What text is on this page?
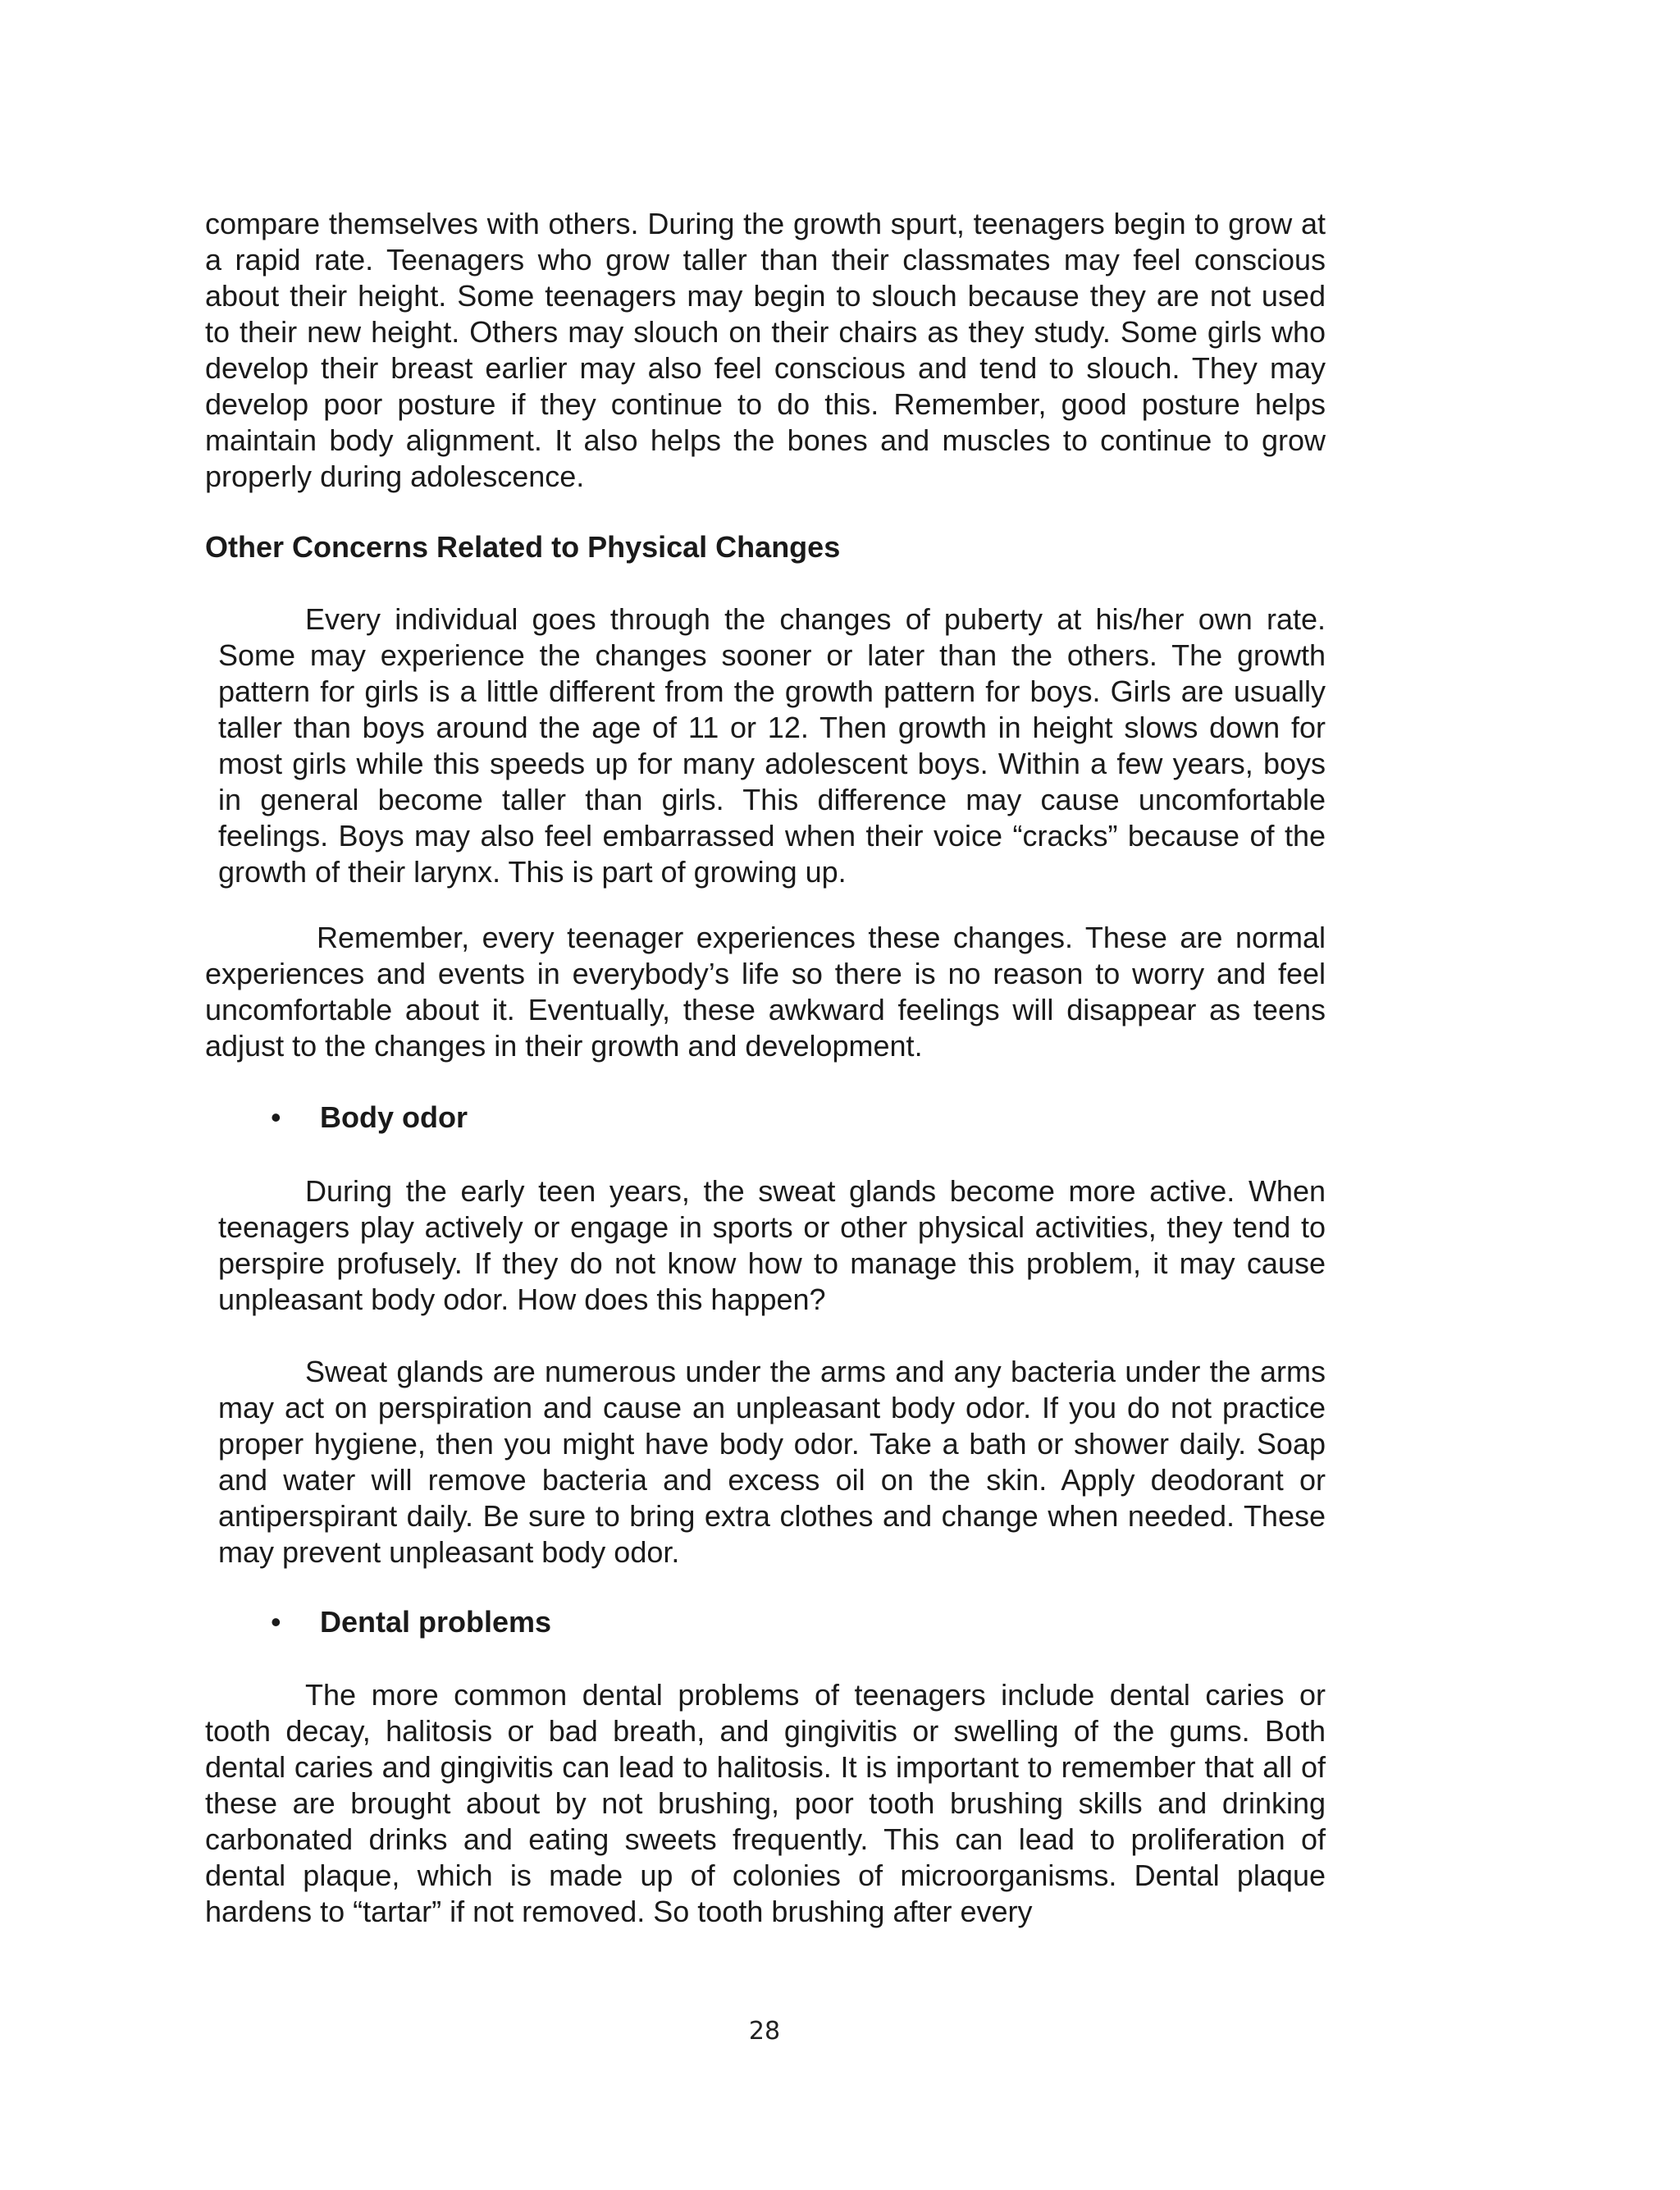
compare themselves with others. During the growth spurt, teenagers begin to grow at a rapid rate. Teenagers who grow taller than their classmates may feel conscious about their height. Some teenagers may begin to slouch because they are not used to their new height. Others may slouch on their chairs as they study. Some girls who develop their breast earlier may also feel conscious and tend to slouch. They may develop poor posture if they continue to do this. Remember, good posture helps maintain body alignment. It also helps the bones and muscles to continue to grow properly during adolescence.
Other Concerns Related to Physical Changes
Every individual goes through the changes of puberty at his/her own rate. Some may experience the changes sooner or later than the others. The growth pattern for girls is a little different from the growth pattern for boys. Girls are usually taller than boys around the age of 11 or 12. Then growth in height slows down for most girls while this speeds up for many adolescent boys. Within a few years, boys in general become taller than girls. This difference may cause uncomfortable feelings. Boys may also feel embarrassed when their voice “cracks” because of the growth of their larynx. This is part of growing up.
Remember, every teenager experiences these changes. These are normal experiences and events in everybody’s life so there is no reason to worry and feel uncomfortable about it. Eventually, these awkward feelings will disappear as teens adjust to the changes in their growth and development.
• Body odor
During the early teen years, the sweat glands become more active. When teenagers play actively or engage in sports or other physical activities, they tend to perspire profusely. If they do not know how to manage this problem, it may cause unpleasant body odor. How does this happen?
Sweat glands are numerous under the arms and any bacteria under the arms may act on perspiration and cause an unpleasant body odor. If you do not practice proper hygiene, then you might have body odor. Take a bath or shower daily. Soap and water will remove bacteria and excess oil on the skin. Apply deodorant or antiperspirant daily. Be sure to bring extra clothes and change when needed. These may prevent unpleasant body odor.
• Dental problems
The more common dental problems of teenagers include dental caries or tooth decay, halitosis or bad breath, and gingivitis or swelling of the gums. Both dental caries and gingivitis can lead to halitosis. It is important to remember that all of these are brought about by not brushing, poor tooth brushing skills and drinking carbonated drinks and eating sweets frequently. This can lead to proliferation of dental plaque, which is made up of colonies of microorganisms. Dental plaque hardens to “tartar” if not removed. So tooth brushing after every
28
